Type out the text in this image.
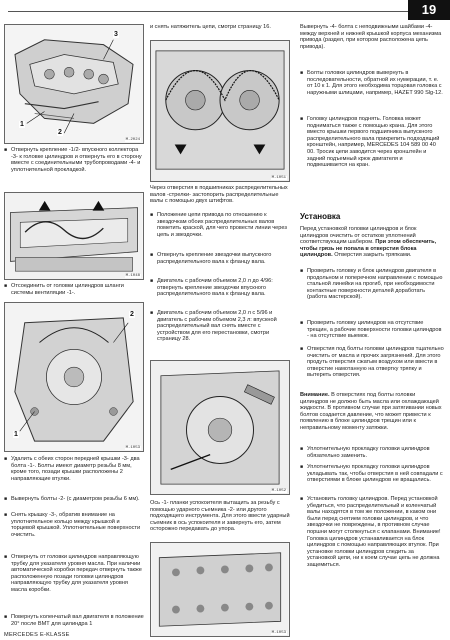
19
1
2
3
M-2024
■ Отвернуть крепление -1/2- впускного коллектора -3- к головке цилиндров и отвернуть его в сторону вместе с соединительными трубопроводами -4- и уплотнительной прокладкой.
M-1048
■ Отсоединить от головки цилиндров шланги системы вентиляции -1-.
1
2
M-1053
■ Удалить с обеих сторон передней крышки -3- два болта -1-. Болты имеют диаметр резьбы 8 мм, кроме того, позади крышки расположены 2 направляющие втулки.
■ Вывернуть болты -2- (с диаметром резьбы 6 мм).
■ Снять крышку -3-, обратив внимание на уплотнительное кольцо между крышкой и торцевой крышкой. Уплотнительные поверхности очистить.
■ Отвернуть от головки цилиндров направляющую трубку для указателя уровня масла. При наличии автоматической коробки передач отвернуть также расположенную позади головки цилиндров направляющую трубку для указателя уровня масла коробки.
■ Повернуть коленчатый вал двигателя в положение 20° после ВМТ для цилиндра 1
и снять натяжитель цепи, смотри страницу 16.
M-1051
Через отверстия в подшипниках распределительных валов -стрелки- застопорить распределительные валы с помощью двух штифтов.
■ Положение цепи привода по отношению к звездочкам обоих распределительных валов пометить краской, для чего провести линии через цепь и звездочки.
■ Отвернуть крепление звездочки выпускного распределительного вала к фланцу вала.
■ Двигатель с рабочим объемом 2,0 л до 4/96: отвернуть крепление звездочки впускного распределительного вала к фланцу вала.
■ Двигатель с рабочим объемом 2,0 л с 5/96 и двигатель с рабочим объемом 2,3 л: впускной распределительный вал снять вместе с устройством для его перестановки, смотри страницу 28.
M-1052
Ось -1- планки успокоителя вытащить за резьбу с помощью ударного съемника -2- или другого подходящего инструмента. Для этого ввести ударный съемник в ось успокоителя и завернуть его, затем осторожно передавать до упора.
M-1053
Вывернуть -4- болта с неподвижными шайбами -4- между верхней и нижней крышкой корпуса механизма привода (раздел, при котором расположена цепь привода).
■ Болты головки цилиндров вывернуть в последовательности, обратной их нумерации, т. е. от 10 к 1. Для этого необходима торцовая головка с наружными шлицами, например, HAZET 990 Slg-12.
■ Головку цилиндров поднять. Головка может подниматься также с помощью крана. Для этого вместо крышки первого подшипника выпускного распределительного вала прикрепить подходящий кронштейн, например, MERCEDES 104 589 00 40 00. Тросик цепи заводится через кронштейн и задний подъемный крюк двигателя и подвешивается на кран.
Установка
Перед установкой головки цилиндров и блок цилиндров очистить от остатков уплотнений соответствующим шабером. При этом обеспечить, чтобы грязь не попала в отверстия блока цилиндров. Отверстия закрыть тряпками.
■ Проверить головку и блок цилиндров двигателя в продольном и поперечном направлении с помощью стальной линейки на прогиб, при необходимости контактные поверхности деталей доработать (работа мастерской).
■ Проверить головку цилиндров на отсутствие трещин, а рабочие поверхности головки цилиндров - на отсутствие выемок.
■ Отверстия под болты головки цилиндров тщательно очистить от масла и прочих загрязнений. Для этого продуть отверстия сжатым воздухом или ввести в отверстие намотанную на отвертку тряпку и вытереть отверстия.
Внимание. В отверстиях под болты головки цилиндров не должно быть масла или охлаждающей жидкости. В противном случае при затягивании новых болтов создается давление, что может привести к появлению в блоке цилиндров трещин или к неправильному моменту затяжки.
■ Уплотнительную прокладку головки цилиндров обязательно заменить.
■ Уплотнительную прокладку головки цилиндров укладывать так, чтобы отверстия в ней совпадали с отверстиями в блоке цилиндров не вращались.
■ Установить головку цилиндров. Перед установкой убедиться, что распределительный и коленчатый валы находятся в том же положении, в каком они были перед снятием головки цилиндров, и что звездочки не повреждены, в противном случае поршни могут столкнуться с клапанами. Внимание! Головка цилиндров устанавливается на блок цилиндров с помощью направляющих втулок. При установке головки цилиндров следить за установкой цепи, ни к коем случае цепь не должна защемиться.
MERCEDES E-KLASSE
